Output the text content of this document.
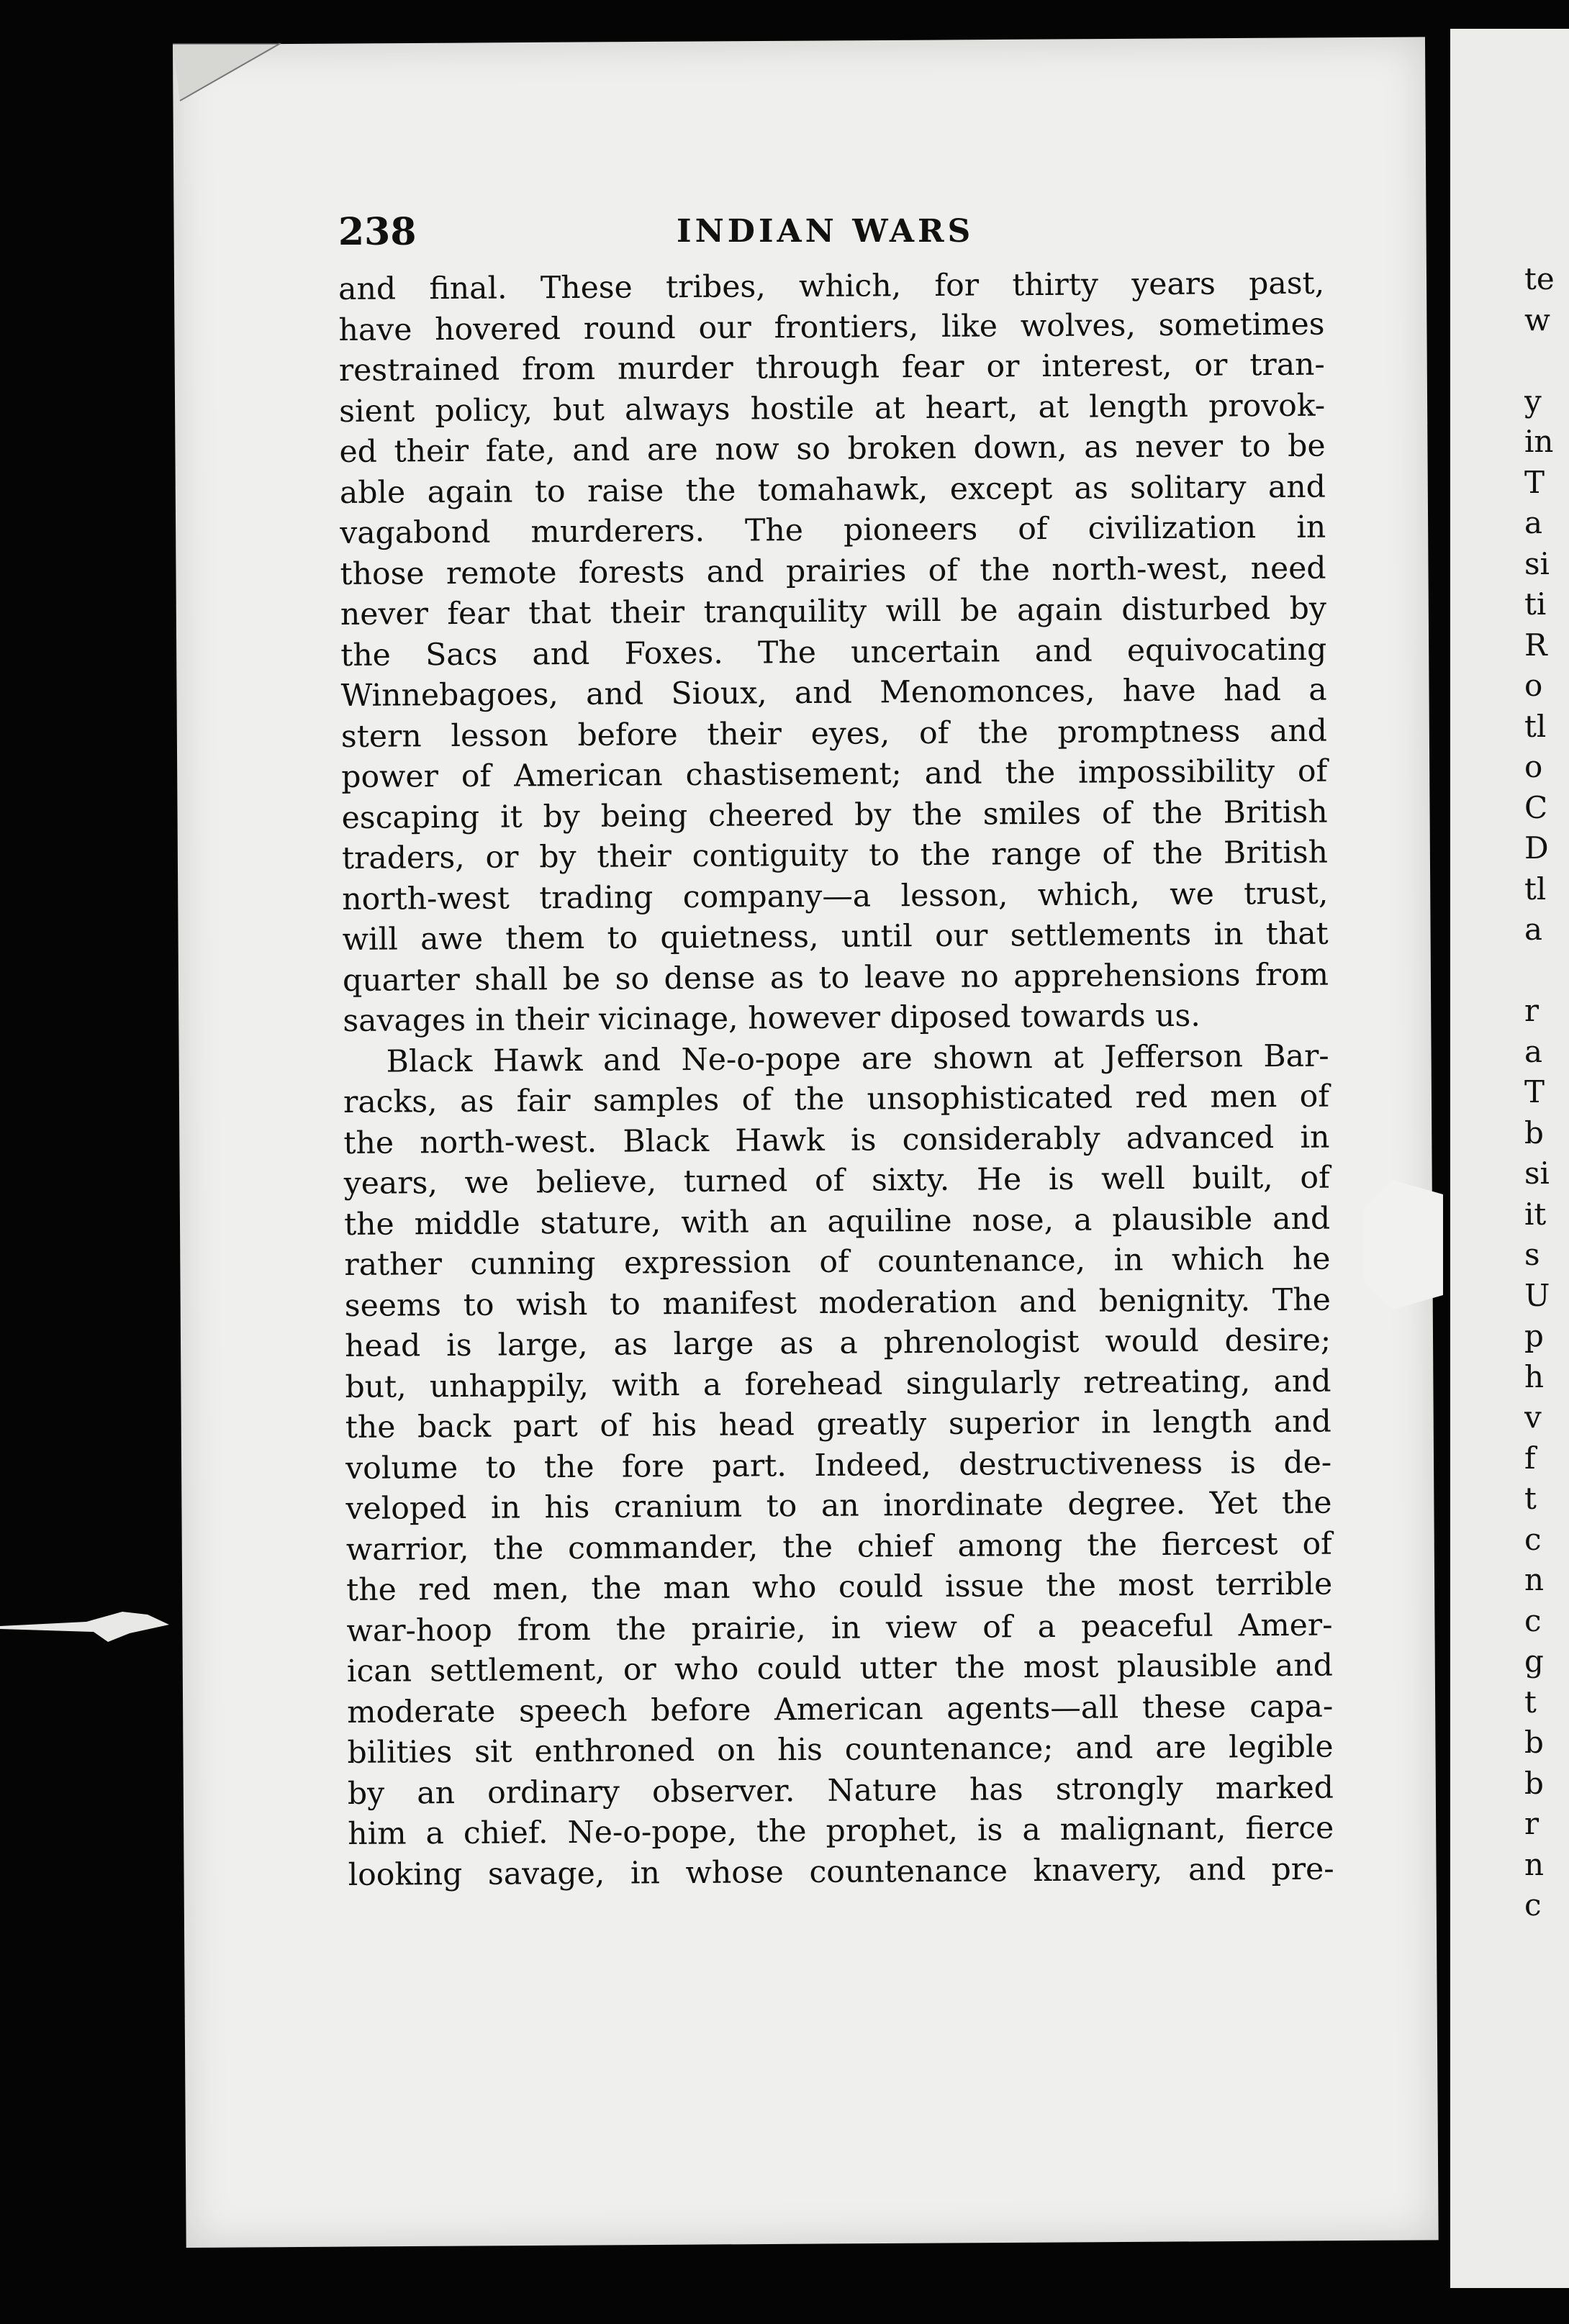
238	INDIAN WARS
and final. These tribes, which, for thirty years past,
have hovered round our frontiers, like wolves, sometimes
restrained from murder through fear or interest, or tran-
sient policy, but always hostile at heart, at length provok-
ed their fate, and are now so broken down, as never to be
able again to raise the tomahawk, except as solitary and
vagabond murderers. The pioneers of civilization in
those remote forests and prairies of the north-west, need
never fear that their tranquility will be again disturbed by
the Sacs and Foxes. The uncertain and equivocating
Winnebagoes, and Sioux, and Menomonces, have had a
stern lesson before their eyes, of the promptness and
power of American chastisement; and the impossibility of
escaping it by being cheered by the smiles of the British
traders, or by their contiguity to the range of the British
north-west trading company—a lesson, which, we trust,
will awe them to quietness, until our settlements in that
quarter shall be so dense as to leave no apprehensions from
savages in their vicinage, however diposed towards us.
Black Hawk and Ne-o-pope are shown at Jefferson Bar-
racks, as fair samples of the unsophisticated red men of
the north-west. Black Hawk is considerably advanced in
years, we believe, turned of sixty. He is well built, of
the middle stature, with an aquiline nose, a plausible and
rather cunning expression of countenance, in which he
seems to wish to manifest moderation and benignity. The
head is large, as large as a phrenologist would desire;
but, unhappily, with a forehead singularly retreating, and
the back part of his head greatly superior in length and
volume to the fore part. Indeed, destructiveness is de-
veloped in his cranium to an inordinate degree. Yet the
warrior, the commander, the chief among the fiercest of
the red men, the man who could issue the most terrible
war-hoop from the prairie, in view of a peaceful Amer-
ican settlement, or who could utter the most plausible and
moderate speech before American agents—all these capa-
bilities sit enthroned on his countenance; and are legible
by an ordinary observer. Nature has strongly marked
him a chief. Ne-o-pope, the prophet, is a malignant, fierce
looking savage, in whose countenance knavery, and pre-
te
w
y
in
T
a
si
ti
R
o
tl
o
C
D
tl
a
r
a
T
b
si
it
s
U
p
h
v
f
t
c
n
c
g
t
b
b
r
n
c
